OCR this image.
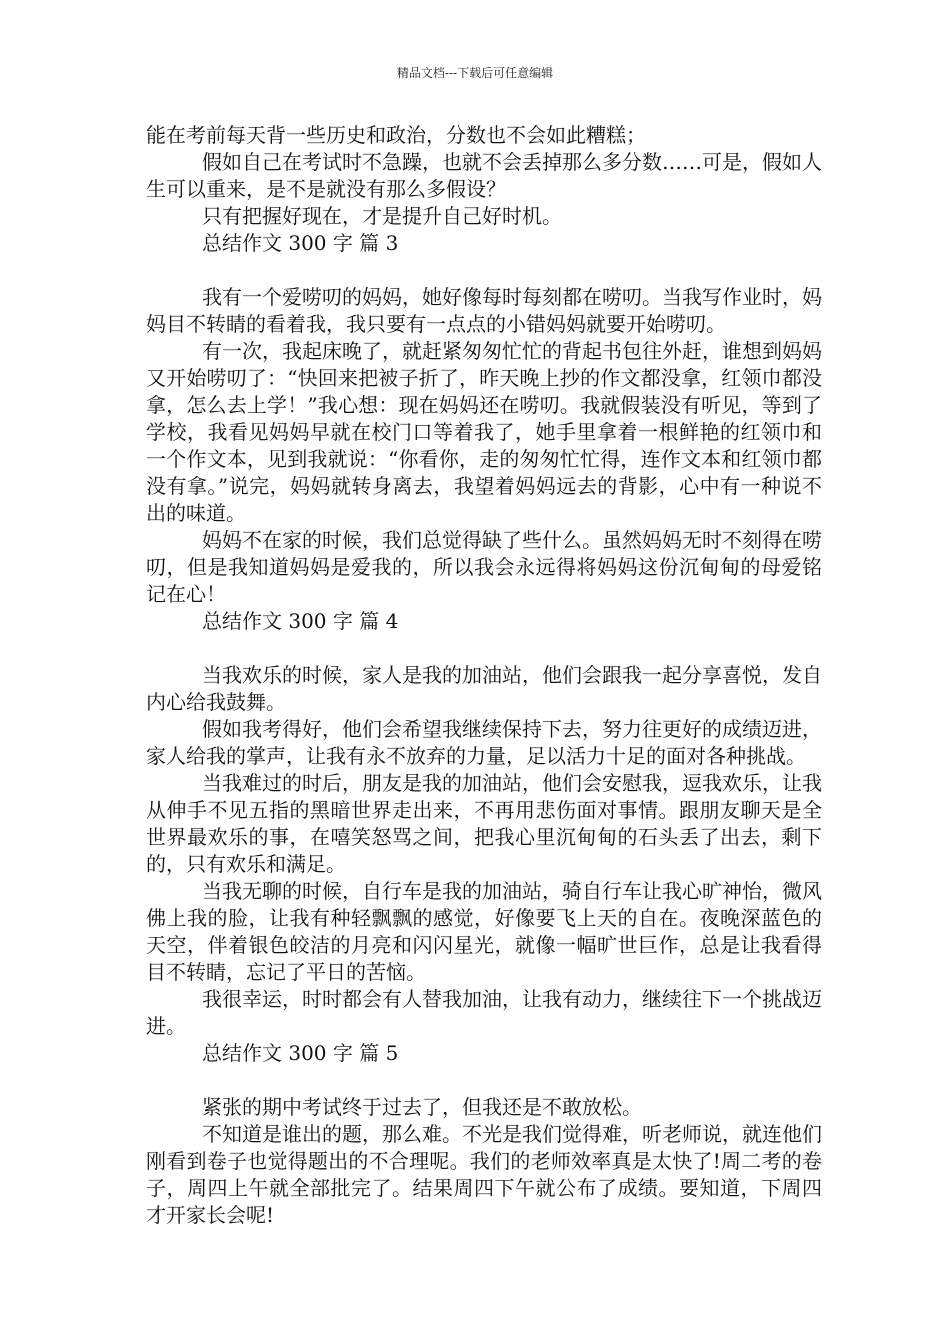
精品文档---下载后可任意编辑

能在考前每天背一些历史和政治，分数也不会如此糟糕；

假如自己在考试时不急躁，也就不会丢掉那么多分数……可是，假如人生可以重来，是不是就没有那么多假设？

只有把握好现在，才是提升自己好时机。

总结作文 300 字 篇 3

我有一个爱唠叨的妈妈，她好像每时每刻都在唠叨。当我写作业时，妈妈目不转睛的看着我，我只要有一点点的小错妈妈就要开始唠叨。

有一次，我起床晚了，就赶紧匆匆忙忙的背起书包往外赶，谁想到妈妈又开始唠叨了：“快回来把被子折了，昨天晚上抄的作文都没拿，红领巾都没拿，怎么去上学！”我心想：现在妈妈还在唠叨。我就假装没有听见，等到了学校，我看见妈妈早就在校门口等着我了，她手里拿着一根鲜艳的红领巾和一个作文本，见到我就说：“你看你，走的匆匆忙忙得，连作文本和红领巾都没有拿。”说完，妈妈就转身离去，我望着妈妈远去的背影，心中有一种说不出的味道。

妈妈不在家的时候，我们总觉得缺了些什么。虽然妈妈无时不刻得在唠叨，但是我知道妈妈是爱我的，所以我会永远得将妈妈这份沉甸甸的母爱铭记在心！

总结作文 300 字 篇 4

当我欢乐的时候，家人是我的加油站，他们会跟我一起分享喜悦，发自内心给我鼓舞。

假如我考得好，他们会希望我继续保持下去，努力往更好的成绩迈进，家人给我的掌声，让我有永不放弃的力量，足以活力十足的面对各种挑战。

当我难过的时后，朋友是我的加油站，他们会安慰我，逗我欢乐，让我从伸手不见五指的黑暗世界走出来，不再用悲伤面对事情。跟朋友聊天是全世界最欢乐的事，在嘻笑怒骂之间，把我心里沉甸甸的石头丢了出去，剩下的，只有欢乐和满足。

当我无聊的时候，自行车是我的加油站，骑自行车让我心旷神怡，微风佛上我的脸，让我有种轻飘飘的感觉，好像要飞上天的自在。夜晚深蓝色的天空，伴着银色皎洁的月亮和闪闪星光，就像一幅旷世巨作，总是让我看得目不转睛，忘记了平日的苦恼。

我很幸运，时时都会有人替我加油，让我有动力，继续往下一个挑战迈进。

总结作文 300 字 篇 5

紧张的期中考试终于过去了，但我还是不敢放松。

不知道是谁出的题，那么难。不光是我们觉得难，听老师说，就连他们刚看到卷子也觉得题出的不合理呢。我们的老师效率真是太快了!周二考的卷子，周四上午就全部批完了。结果周四下午就公布了成绩。要知道，下周四才开家长会呢!
